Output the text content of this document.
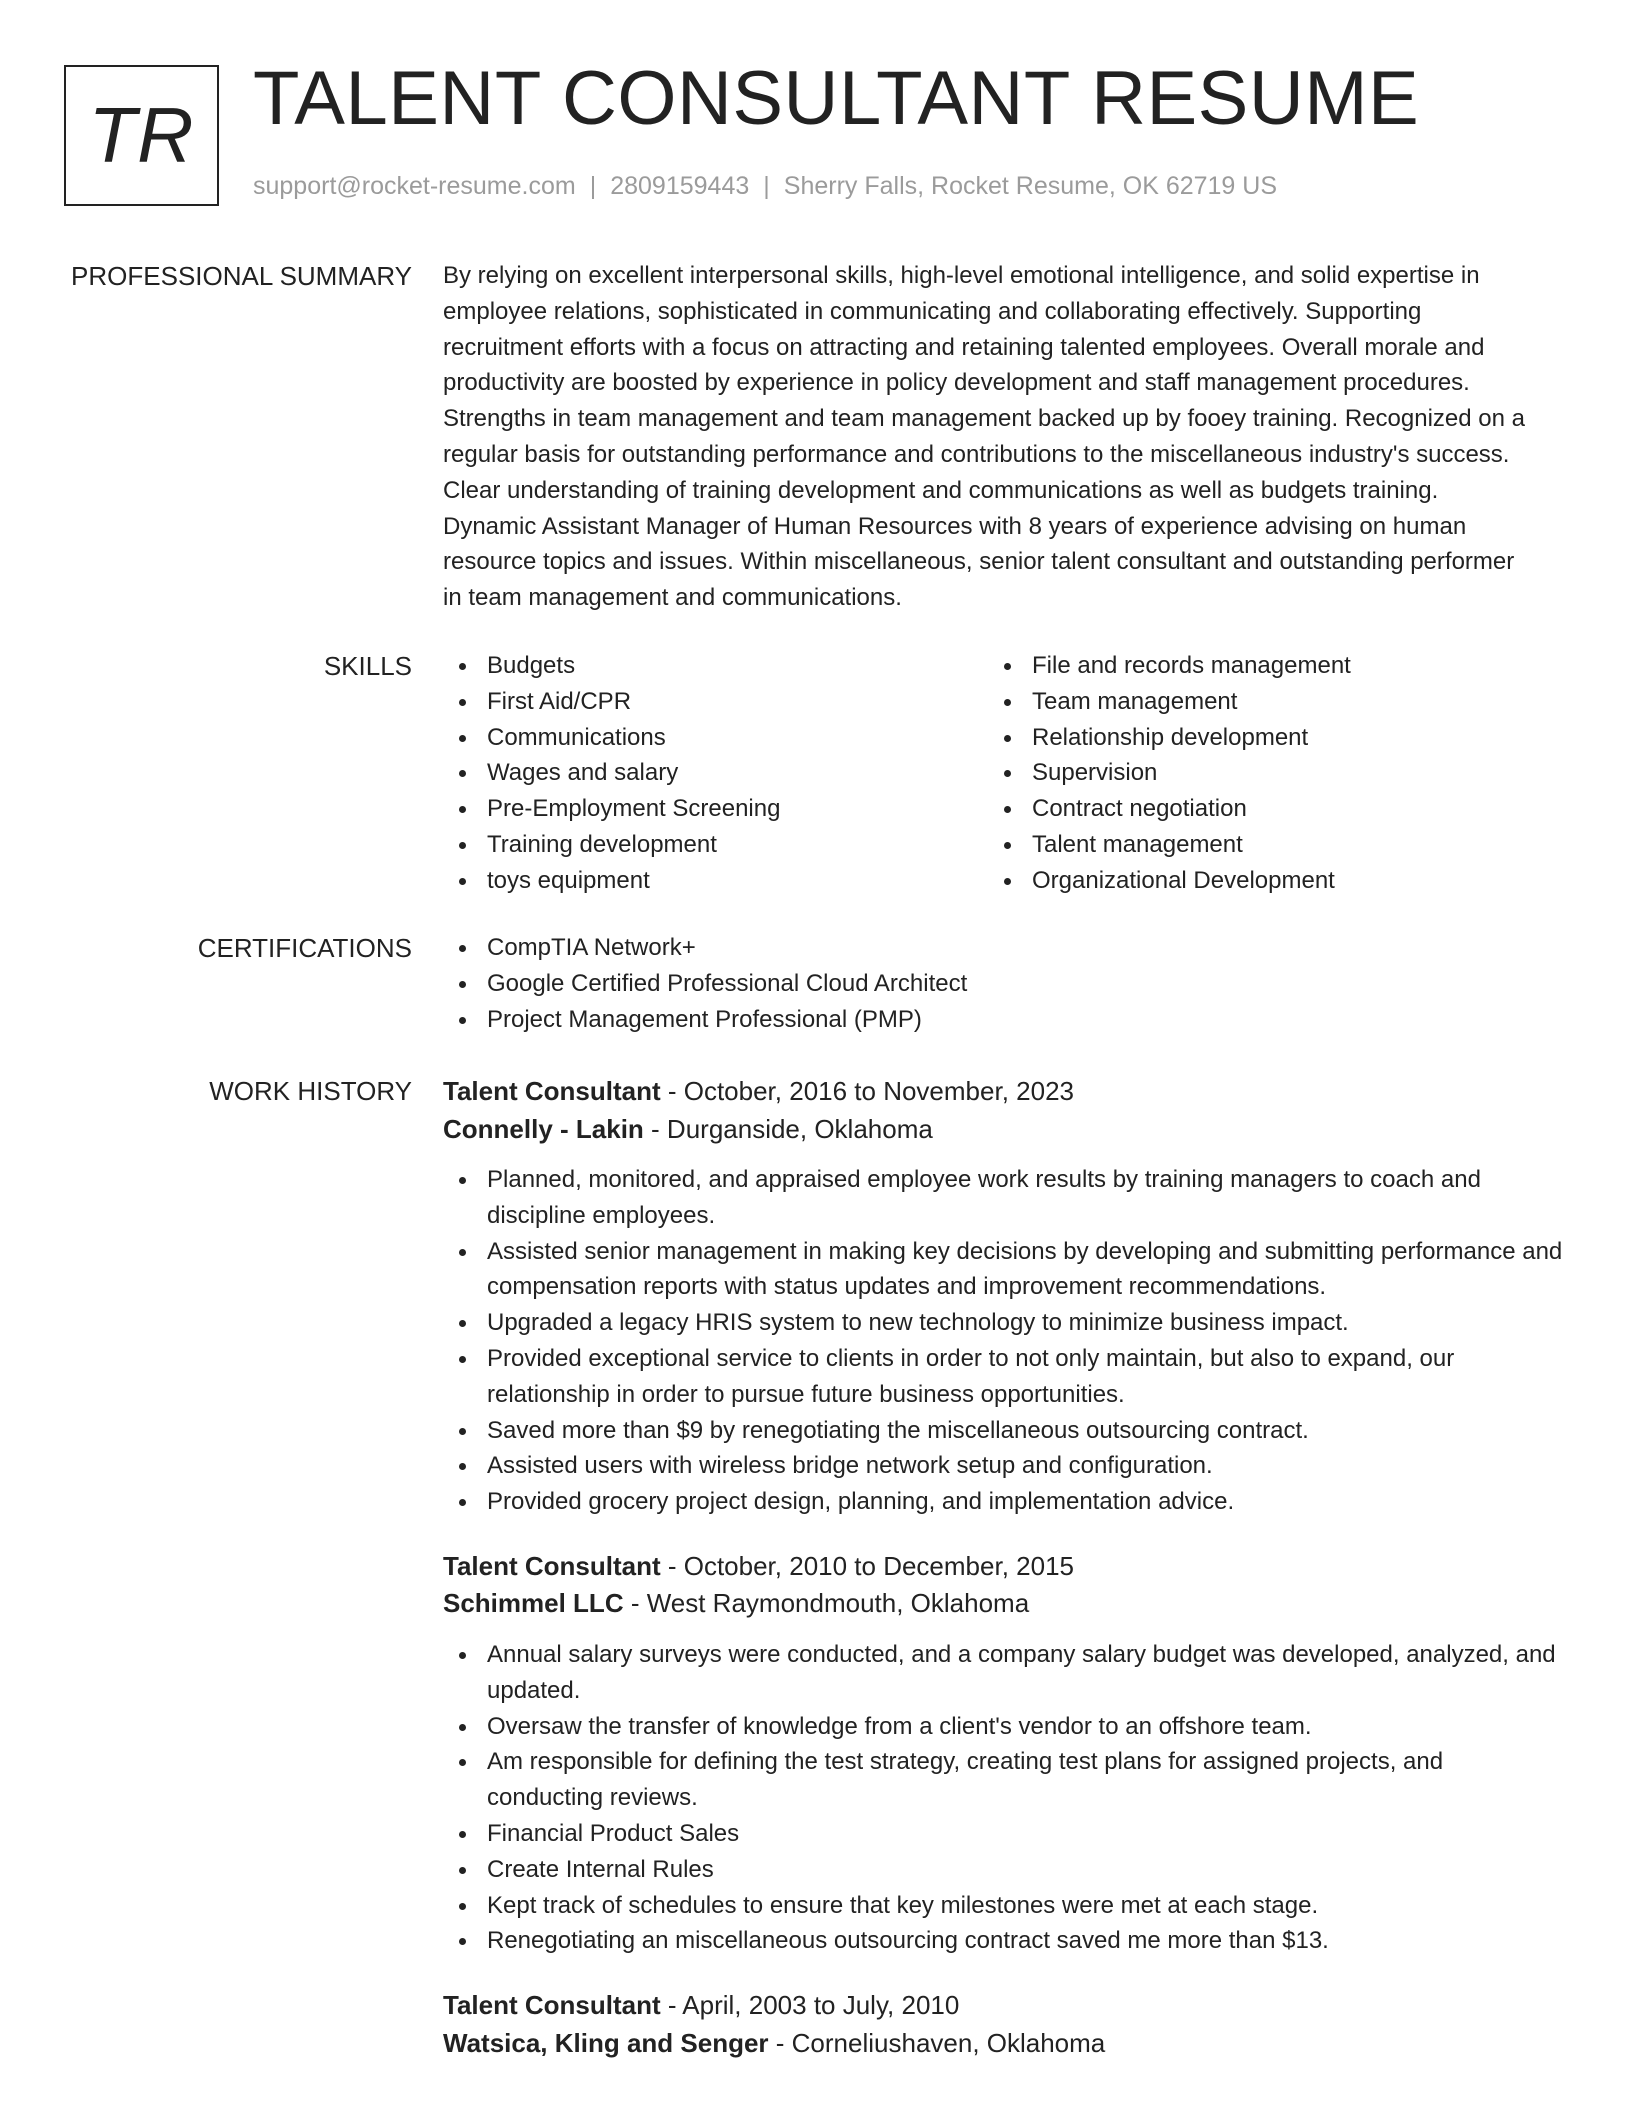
TR TALENT CONSULTANT RESUME
support@rocket-resume.com | 2809159443 | Sherry Falls, Rocket Resume, OK 62719 US
PROFESSIONAL SUMMARY By relying on excellent interpersonal skills, high-level emotional intelligence, and solid expertise in

employee relations, sophisticated in communicating and collaborating effectively. Supporting

recruitment efforts with a focus on attracting and retaining talented employees. Overall morale and

productivity are boosted by experience in policy development and staff management procedures.

Strengths in team management and team management backed up by fooey training. Recognized on a

regular basis for outstanding performance and contributions to the miscellaneous industry's success.

Clear understanding of training development and communications as well as budgets training.

Dynamic Assistant Manager of Human Resources with 8 years of experience advising on human

resource topics and issues. Within miscellaneous, senior talent consultant and outstanding performer

in team management and communications.

SKILLS	Budgets
First Aid/CPR
Communications
Wages and salary
Pre-Employment Screening
Training development
toys equipment
File and records management
Team management
Relationship development
Supervision
Contract negotiation
Talent management
Organizational Development
CERTIFICATIONS	CompTIA Network+
Google Certified Professional Cloud Architect
Project Management Professional (PMP)
WORK HISTORY Talent Consultant - October, 2016 to November, 2023
Connelly - Lakin - Durganside, Oklahoma
Planned, monitored, and appraised employee work results by training managers to coach and discipline employees.
Assisted senior management in making key decisions by developing and submitting performance and compensation reports with status updates and improvement recommendations.
Upgraded a legacy HRIS system to new technology to minimize business impact.
Provided exceptional service to clients in order to not only maintain, but also to expand, our relationship in order to pursue future business opportunities.
Saved more than $9 by renegotiating the miscellaneous outsourcing contract.
Assisted users with wireless bridge network setup and configuration.
Provided grocery project design, planning, and implementation advice.
Talent Consultant - October, 2010 to December, 2015
Schimmel LLC - West Raymondmouth, Oklahoma
Annual salary surveys were conducted, and a company salary budget was developed, analyzed, and updated.
Oversaw the transfer of knowledge from a client's vendor to an offshore team.
Am responsible for defining the test strategy, creating test plans for assigned projects, and conducting reviews.
Financial Product Sales
Create Internal Rules
Kept track of schedules to ensure that key milestones were met at each stage.
Renegotiating an miscellaneous outsourcing contract saved me more than $13.
Talent Consultant - April, 2003 to July, 2010
Watsica, Kling and Senger - Corneliushaven, Oklahoma
